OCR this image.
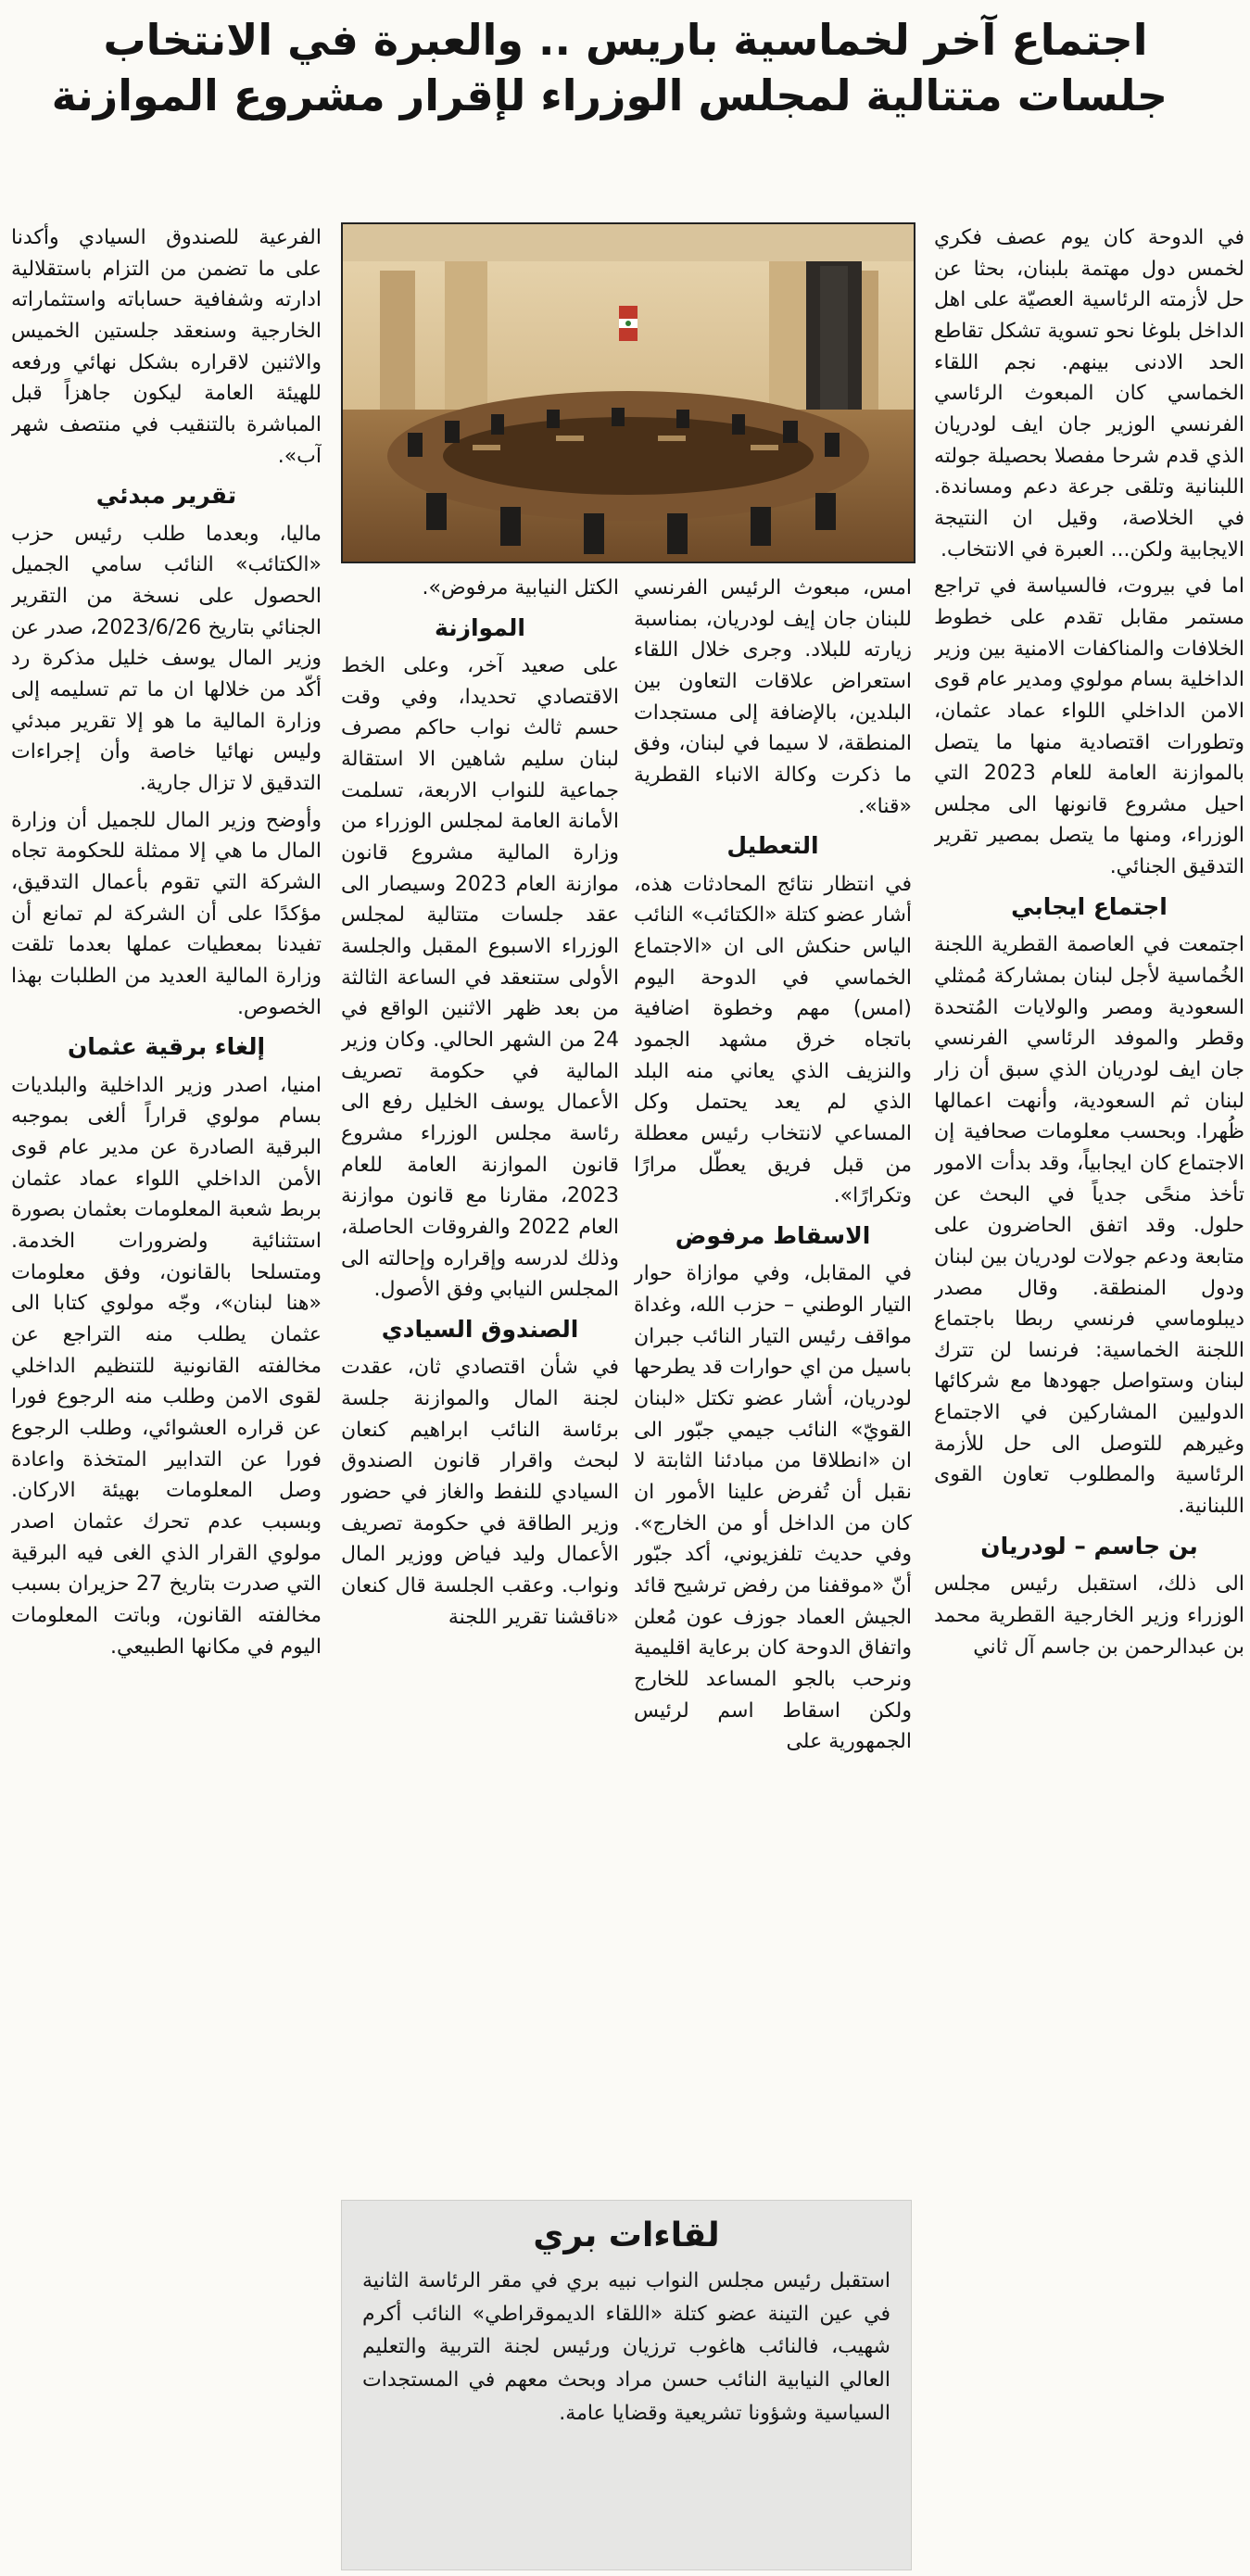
اجتماع آخر لخماسية باريس .. والعبرة في الانتخاب
جلسات متتالية لمجلس الوزراء لإقرار مشروع الموازنة

في الدوحة كان يوم عصف فكري لخمس دول مهتمة بلبنان، بحثا عن حل لأزمته الرئاسية العصيّة على اهل الداخل بلوغا نحو تسوية تشكل تقاطع الحد الادنى بينهم. نجم اللقاء الخماسي كان المبعوث الرئاسي الفرنسي الوزير جان ايف لودريان الذي قدم شرحا مفصلا بحصيلة جولته اللبنانية وتلقى جرعة دعم ومساندة. في الخلاصة، وقيل ان النتيجة الايجابية ولكن... العبرة في الانتخاب.

اما في بيروت، فالسياسة في تراجع مستمر مقابل تقدم على خطوط الخلافات والمناكفات الامنية بين وزير الداخلية بسام مولوي ومدير عام قوى الامن الداخلي اللواء عماد عثمان، وتطورات اقتصادية منها ما يتصل بالموازنة العامة للعام 2023 التي احيل مشروع قانونها الى مجلس الوزراء، ومنها ما يتصل بمصير تقرير التدقيق الجنائي.

اجتماع ايجابي

اجتمعت في العاصمة القطرية اللجنة الخُماسية لأجل لبنان بمشاركة مُمثلي السعودية ومصر والولايات المُتحدة وقطر والموفد الرئاسي الفرنسي جان ايف لودريان الذي سبق أن زار لبنان ثم السعودية، وأنهت اعمالها ظُهرا. وبحسب معلومات صحافية إن الاجتماع كان ايجابياً، وقد بدأت الامور تأخذ منحًى جدياً في البحث عن حلول. وقد اتفق الحاضرون على متابعة ودعم جولات لودريان بين لبنان ودول المنطقة. وقال مصدر ديبلوماسي فرنسي ربطا باجتماع اللجنة الخماسية: فرنسا لن تترك لبنان وستواصل جهودها مع شركائها الدوليين المشاركين في الاجتماع وغيرهم للتوصل الى حل للأزمة الرئاسية والمطلوب تعاون القوى اللبنانية.

بن جاسم – لودريان

الى ذلك، استقبل رئيس مجلس الوزراء وزير الخارجية القطرية محمد بن عبدالرحمن بن جاسم آل ثاني

امس، مبعوث الرئيس الفرنسي للبنان جان إيف لودريان، بمناسبة زيارته للبلاد. وجرى خلال اللقاء استعراض علاقات التعاون بين البلدين، بالإضافة إلى مستجدات المنطقة، لا سيما في لبنان، وفق ما ذكرت وكالة الانباء القطرية «قنا».

التعطيل

في انتظار نتائج المحادثات هذه، أشار عضو كتلة «الكتائب» النائب الياس حنكش الى ان «الاجتماع الخماسي في الدوحة اليوم (امس) مهم وخطوة اضافية باتجاه خرق مشهد الجمود والنزيف الذي يعاني منه البلد الذي لم يعد يحتمل وكل المساعي لانتخاب رئيس معطلة من قبل فريق يعطّل مرارًا وتكرارًا».

الاسقاط مرفوض

في المقابل، وفي موازاة حوار التيار الوطني – حزب الله، وغداة مواقف رئيس التيار النائب جبران باسيل من اي حوارات قد يطرحها لودريان، أشار عضو تكتل «لبنان القويّ» النائب جيمي جبّور الى ان «انطلاقا من مبادئنا الثابتة لا نقبل أن تُفرض علينا الأمور ان كان من الداخل أو من الخارج». وفي حديث تلفزيوني، أكد جبّور أنّ «موقفنا من رفض ترشيح قائد الجيش العماد جوزف عون مُعلن واتفاق الدوحة كان برعاية اقليمية ونرحب بالجو المساعد للخارج ولكن اسقاط اسم لرئيس الجمهورية على

الكتل النيابية مرفوض».

الموازنة

على صعيد آخر، وعلى الخط الاقتصادي تحديدا، وفي وقت حسم ثالث نواب حاكم مصرف لبنان سليم شاهين الا استقالة جماعية للنواب الاربعة، تسلمت الأمانة العامة لمجلس الوزراء من وزارة المالية مشروع قانون موازنة العام 2023 وسيصار الى عقد جلسات متتالية لمجلس الوزراء الاسبوع المقبل والجلسة الأولى ستنعقد في الساعة الثالثة من بعد ظهر الاثنين الواقع في 24 من الشهر الحالي. وكان وزير المالية في حكومة تصريف الأعمال يوسف الخليل رفع الى رئاسة مجلس الوزراء مشروع قانون الموازنة العامة للعام 2023، مقارنا مع قانون موازنة العام 2022 والفروقات الحاصلة، وذلك لدرسه وإقراره وإحالته الى المجلس النيابي وفق الأصول.

الصندوق السيادي

في شأن اقتصادي ثان، عقدت لجنة المال والموازنة جلسة برئاسة النائب ابراهيم كنعان لبحث واقرار قانون الصندوق السيادي للنفط والغاز في حضور وزير الطاقة في حكومة تصريف الأعمال وليد فياض ووزير المال ونواب. وعقب الجلسة قال كنعان «ناقشنا تقرير اللجنة

الفرعية للصندوق السيادي وأكدنا على ما تضمن من التزام باستقلالية ادارته وشفافية حساباته واستثماراته الخارجية وسنعقد جلستين الخميس والاثنين لاقراره بشكل نهائي ورفعه للهيئة العامة ليكون جاهزاً قبل المباشرة بالتنقيب في منتصف شهر آب».

تقرير مبدئي

ماليا، وبعدما طلب رئيس حزب «الكتائب» النائب سامي الجميل الحصول على نسخة من التقرير الجنائي بتاريخ 2023/6/26، صدر عن وزير المال يوسف خليل مذكرة رد أكّد من خلالها ان ما تم تسليمه إلى وزارة المالية ما هو إلا تقرير مبدئي وليس نهائيا خاصة وأن إجراءات التدقيق لا تزال جارية.

وأوضح وزير المال للجميل أن وزارة المال ما هي إلا ممثلة للحكومة تجاه الشركة التي تقوم بأعمال التدقيق، مؤكدًا على أن الشركة لم تمانع أن تفيدنا بمعطيات عملها بعدما تلقت وزارة المالية العديد من الطلبات بهذا الخصوص.

إلغاء برقية عثمان

امنيا، اصدر وزير الداخلية والبلديات بسام مولوي قراراً ألغى بموجبه البرقية الصادرة عن مدير عام قوى الأمن الداخلي اللواء عماد عثمان بربط شعبة المعلومات بعثمان بصورة استثنائية ولضرورات الخدمة. ومتسلحا بالقانون، وفق معلومات «هنا لبنان»، وجّه مولوي كتابا الى عثمان يطلب منه التراجع عن مخالفته القانونية للتنظيم الداخلي لقوى الامن وطلب منه الرجوع فورا عن قراره العشوائي، وطلب الرجوع فورا عن التدابير المتخذة واعادة وصل المعلومات بهيئة الاركان. وبسبب عدم تحرك عثمان اصدر مولوي القرار الذي الغى فيه البرقية التي صدرت بتاريخ 27 حزيران بسبب مخالفته القانون، وباتت المعلومات اليوم في مكانها الطبيعي.

لقاءات بري

استقبل رئيس مجلس النواب نبيه بري في مقر الرئاسة الثانية في عين التينة عضو كتلة «اللقاء الديموقراطي» النائب أكرم شهيب، فالنائب هاغوب ترزيان ورئيس لجنة التربية والتعليم العالي النيابية النائب حسن مراد وبحث معهم في المستجدات السياسية وشؤونا تشريعية وقضايا عامة.
